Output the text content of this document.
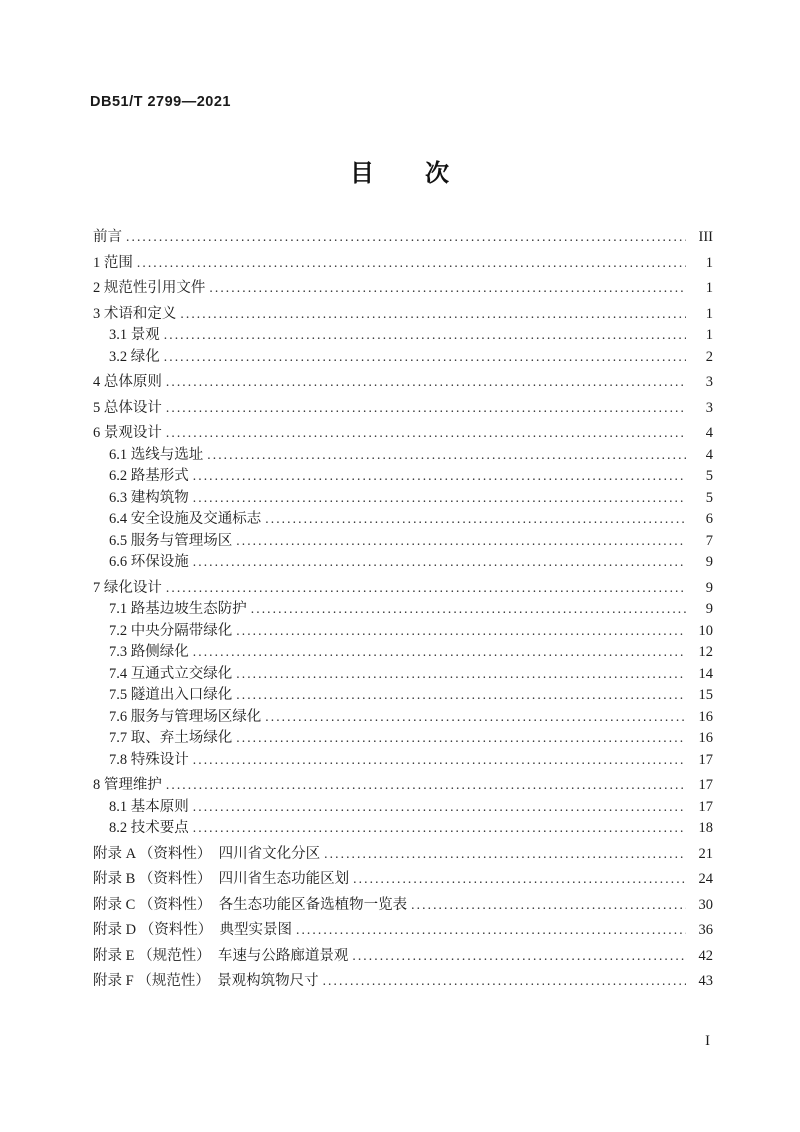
DB51/T 2799—2021
目　　次
前言 .....	III
1 范围 .....	1
2 规范性引用文件 .....	1
3 术语和定义 .....	1
3.1 景观 .....	1
3.2 绿化 .....	2
4 总体原则 .....	3
5 总体设计 .....	3
6 景观设计 .....	4
6.1 选线与选址 .....	4
6.2 路基形式 .....	5
6.3 建构筑物 .....	5
6.4 安全设施及交通标志 .....	6
6.5 服务与管理场区 .....	7
6.6 环保设施 .....	9
7 绿化设计 .....	9
7.1 路基边坡生态防护 .....	9
7.2 中央分隔带绿化 .....	10
7.3 路侧绿化 .....	12
7.4 互通式立交绿化 .....	14
7.5 隧道出入口绿化 .....	15
7.6 服务与管理场区绿化 .....	16
7.7 取、弃土场绿化 .....	16
7.8 特殊设计 .....	17
8 管理维护 .....	17
8.1 基本原则 .....	17
8.2 技术要点 .....	18
附录 A （资料性）　四川省文化分区 .....	21
附录 B （资料性）　四川省生态功能区划 .....	24
附录 C （资料性）　各生态功能区备选植物一览表 .....	30
附录 D （资料性）　典型实景图 .....	36
附录 E （规范性）　车速与公路廊道景观 .....	42
附录 F （规范性）　景观构筑物尺寸 .....	43
I
